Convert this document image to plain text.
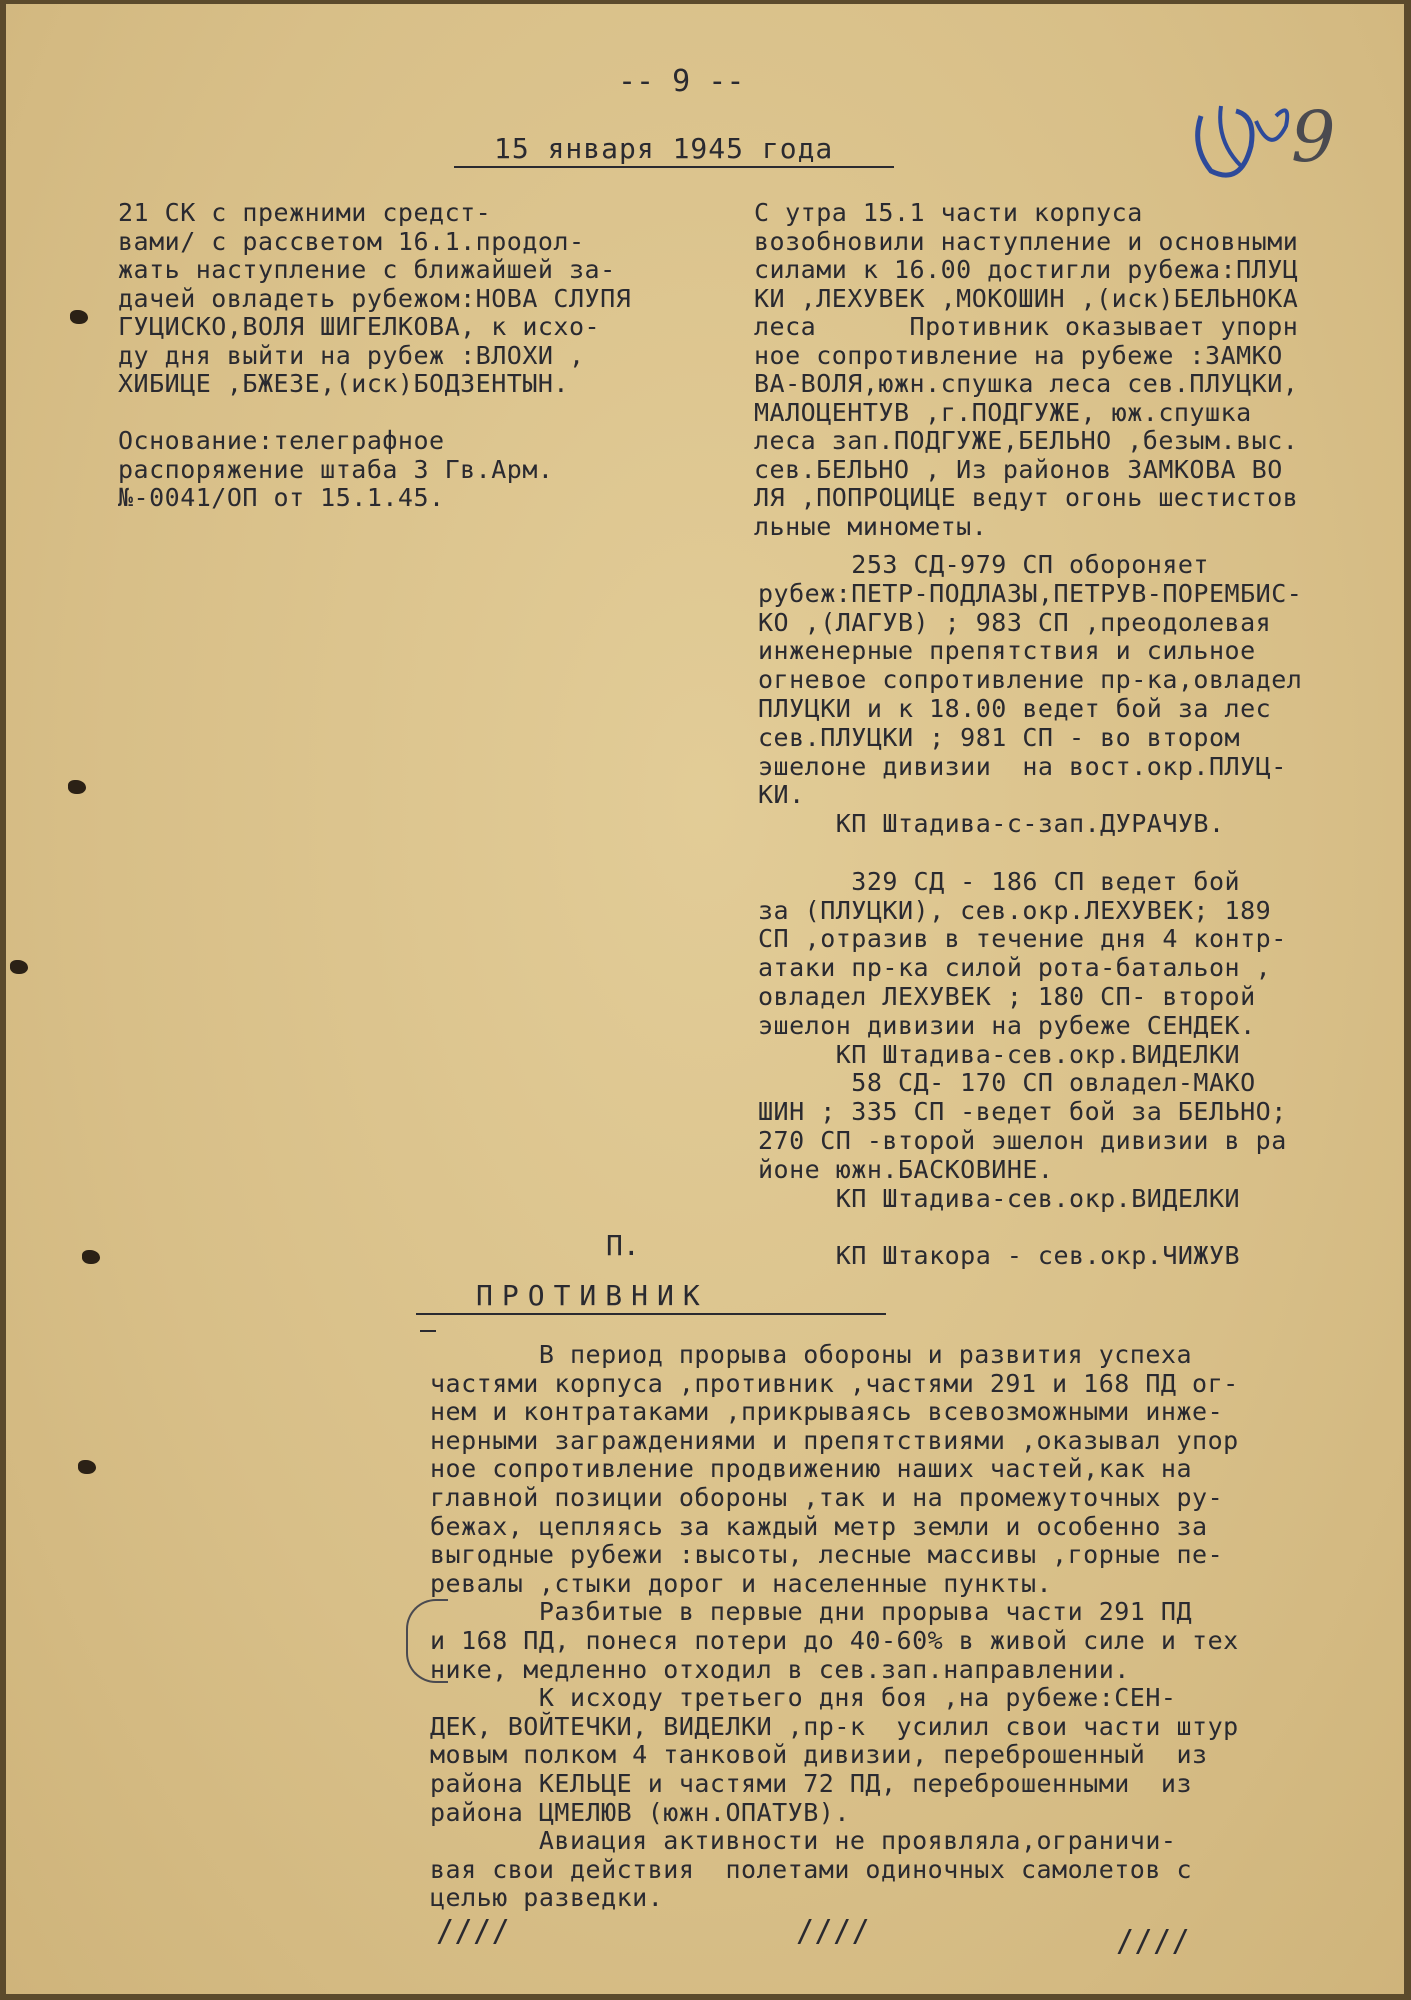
-- 9 --
15 января 1945 года	9
21 СК с прежними средст-
вами/ с рассветом 16.1.продол-
жать наступление с ближайшей за-
дачей овладеть рубежом:НОВА СЛУПЯ
ГУЦИСКО,ВОЛЯ ШИГЕЛКОВА, к исхо-
ду дня выйти на рубеж :ВЛОХИ ,
ХИБИЦЕ ,БЖЕЗЕ,(иск)БОДЗЕНТЫН.
Основание:телеграфное
распоряжение штаба 3 Гв.Арм.
№-0041/ОП от 15.1.45.
С утра 15.1 части корпуса
возобновили наступление и основными
силами к 16.00 достигли рубежа:ПЛУЦ
КИ ,ЛЕХУВЕК ,МОКОШИН ,(иск)БЕЛЬНОКА
леса      Противник оказывает упорн
ное сопротивление на рубеже :ЗАМКО
ВА-ВОЛЯ,южн.спушка леса сев.ПЛУЦКИ,
МАЛОЦЕНТУВ ,г.ПОДГУЖЕ, юж.спушка
леса зап.ПОДГУЖЕ,БЕЛЬНО ,безым.выс.
сев.БЕЛЬНО , Из районов ЗАМКОВА ВО
ЛЯ ,ПОПРОЦИЦЕ ведут огонь шестистов
льные минометы.
253 СД-979 СП обороняет
рубеж:ПЕТР-ПОДЛАЗЫ,ПЕТРУВ-ПОРЕМБИС-
КО ,(ЛАГУВ) ; 983 СП ,преодолевая
инженерные препятствия и сильное
огневое сопротивление пр-ка,овладел
ПЛУЦКИ и к 18.00 ведет бой за лес
сев.ПЛУЦКИ ; 981 СП - во втором
эшелоне дивизии  на вост.окр.ПЛУЦ-
КИ.
КП Штадива-с-зап.ДУРАЧУВ.
329 СД - 186 СП ведет бой
за (ПЛУЦКИ), сев.окр.ЛЕХУВЕК; 189
СП ,отразив в течение дня 4 контр-
атаки пр-ка силой рота-батальон ,
овладел ЛЕХУВЕК ; 180 СП- второй
эшелон дивизии на рубеже СЕНДЕК.
КП Штадива-сев.окр.ВИДЕЛКИ
58 СД- 170 СП овладел-МАКО
ШИН ; 335 СП -ведет бой за БЕЛЬНО;
270 СП -второй эшелон дивизии в ра
йоне южн.БАСКОВИНЕ.
КП Штадива-сев.окр.ВИДЕЛКИ
КП Штакора - сев.окр.ЧИЖУВ
П.
ПРОТИВНИК
В период прорыва обороны и развития успеха
частями корпуса ,противник ,частями 291 и 168 ПД ог-
нем и контратаками ,прикрываясь всевозможными инже-
нерными заграждениями и препятствиями ,оказывал упор
ное сопротивление продвижению наших частей,как на
главной позиции обороны ,так и на промежуточных ру-
бежах, цепляясь за каждый метр земли и особенно за
выгодные рубежи :высоты, лесные массивы ,горные пе-
ревалы ,стыки дорог и населенные пункты.
Разбитые в первые дни прорыва части 291 ПД
и 168 ПД, понеся потери до 40-60% в живой силе и тех
нике, медленно отходил в сев.зап.направлении.
К исходу третьего дня боя ,на рубеже:СЕН-
ДЕК, ВОЙТЕЧКИ, ВИДЕЛКИ ,пр-к  усилил свои части штур
мовым полком 4 танковой дивизии, переброшенный  из
района КЕЛЬЦЕ и частями 72 ПД, переброшенными  из
района ЦМЕЛЮВ (южн.ОПАТУВ).
Авиация активности не проявляла,ограничи-
вая свои действия  полетами одиночных самолетов с
целью разведки.
////	////	////
